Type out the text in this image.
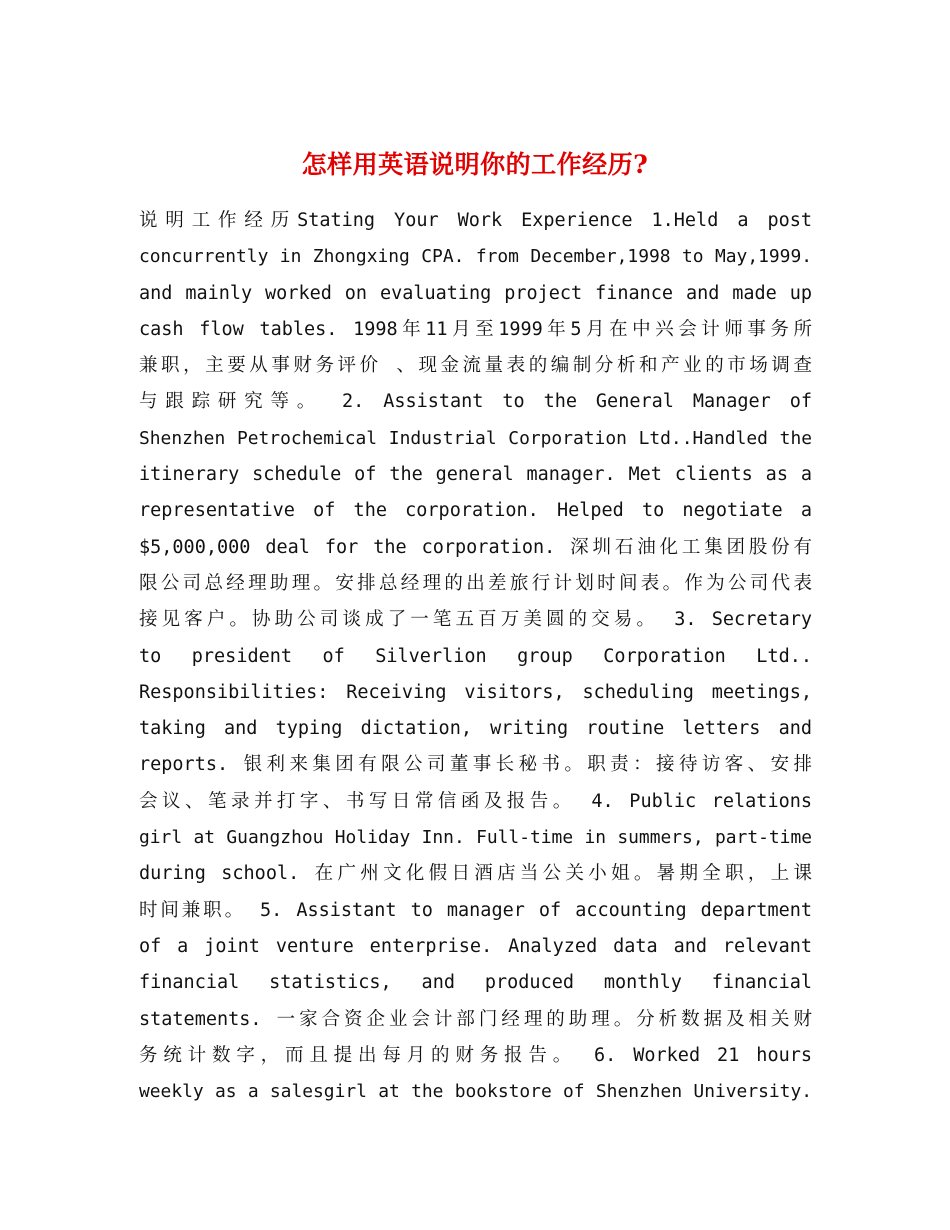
怎样用英语说明你的工作经历?
说明工作经历Stating Your Work Experience 1.Held a post
concurrently in Zhongxing CPA. from December,1998 to May,1999.
and mainly worked on evaluating project finance and made up
cash flow tables. 1998年11月至1999年5月在中兴会计师事务所
兼职，主要从事财务评价 、现金流量表的编制分析和产业的市场调查
与跟踪研究等。 2. Assistant to the General Manager of
Shenzhen Petrochemical Industrial Corporation Ltd..Handled the
itinerary schedule of the general manager. Met clients as a
representative of the corporation. Helped to negotiate a
$5,000,000 deal for the corporation. 深圳石油化工集团股份有
限公司总经理助理。安排总经理的出差旅行计划时间表。作为公司代表
接见客户。协助公司谈成了一笔五百万美圆的交易。 3. Secretary
to president of Silverlion group Corporation Ltd..
Responsibilities: Receiving visitors, scheduling meetings,
taking and typing dictation, writing routine letters and
reports. 银利来集团有限公司董事长秘书。职责：接待访客、安排
会议、笔录并打字、书写日常信函及报告。 4. Public relations
girl at Guangzhou Holiday Inn. Full-time in summers, part-time
during school. 在广州文化假日酒店当公关小姐。暑期全职，上课
时间兼职。 5. Assistant to manager of accounting department
of a joint venture enterprise. Analyzed data and relevant
financial statistics, and produced monthly financial
statements. 一家合资企业会计部门经理的助理。分析数据及相关财
务统计数字，而且提出每月的财务报告。 6. Worked 21 hours
weekly as a salesgirl at the bookstore of Shenzhen University.
